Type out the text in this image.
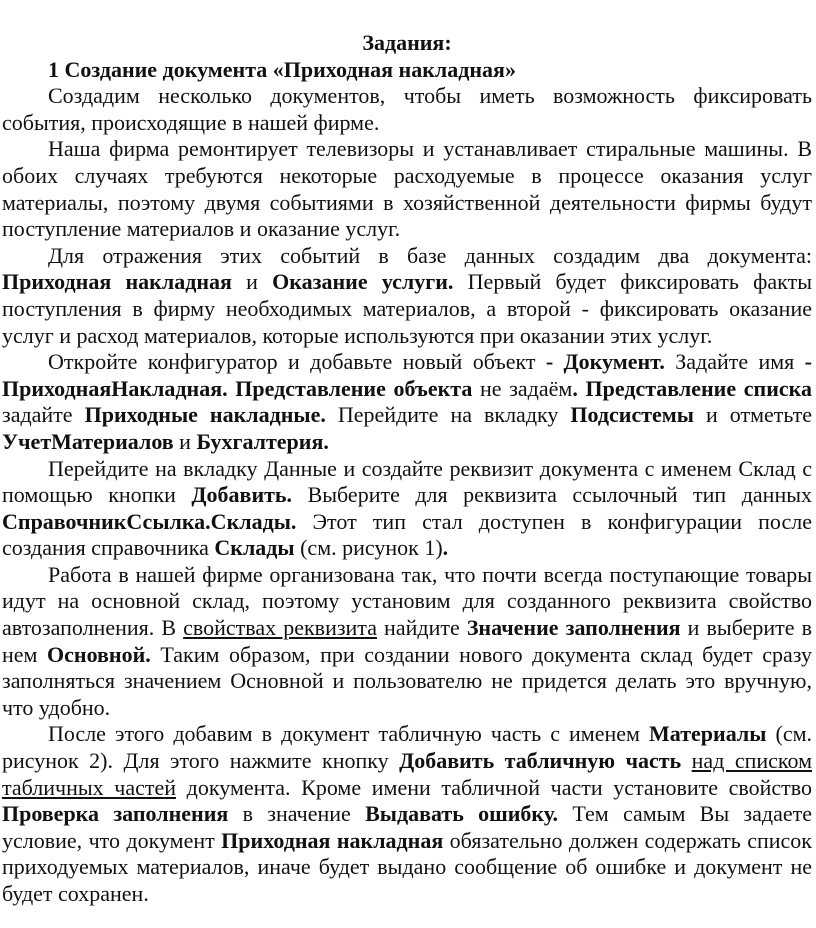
Задания:
1 Создание документа «Приходная накладная»

Создадим несколько документов, чтобы иметь возможность фиксировать события, происходящие в нашей фирме.

Наша фирма ремонтирует телевизоры и устанавливает стиральные машины. В обоих случаях требуются некоторые расходуемые в процессе оказания услуг материалы, поэтому двумя событиями в хозяйственной деятельности фирмы будут поступление материалов и оказание услуг.

Для отражения этих событий в базе данных создадим два документа: Приходная накладная и Оказание услуги. Первый будет фиксировать факты поступления в фирму необходимых материалов, а второй - фиксировать оказание услуг и расход материалов, которые используются при оказании этих услуг.

Откройте конфигуратор и добавьте новый объект - Документ. Задайте имя - ПриходнаяНакладная. Представление объекта не задаём. Представление списка задайте Приходные накладные. Перейдите на вкладку Подсистемы и отметьте УчетМатериалов и Бухгалтерия.

Перейдите на вкладку Данные и создайте реквизит документа с именем Склад с помощью кнопки Добавить. Выберите для реквизита ссылочный тип данных СправочникСсылка.Склады. Этот тип стал доступен в конфигурации после создания справочника Склады (см. рисунок 1).

Работа в нашей фирме организована так, что почти всегда поступающие товары идут на основной склад, поэтому установим для созданного реквизита свойство автозаполнения. В свойствах реквизита найдите Значение заполнения и выберите в нем Основной. Таким образом, при создании нового документа склад будет сразу заполняться значением Основной и пользователю не придется делать это вручную, что удобно.

После этого добавим в документ табличную часть с именем Материалы (см. рисунок 2). Для этого нажмите кнопку Добавить табличную часть над списком табличных частей документа. Кроме имени табличной части установите свойство Проверка заполнения в значение Выдавать ошибку. Тем самым Вы задаете условие, что документ Приходная накладная обязательно должен содержать список приходуемых материалов, иначе будет выдано сообщение об ошибке и документ не будет сохранен.
